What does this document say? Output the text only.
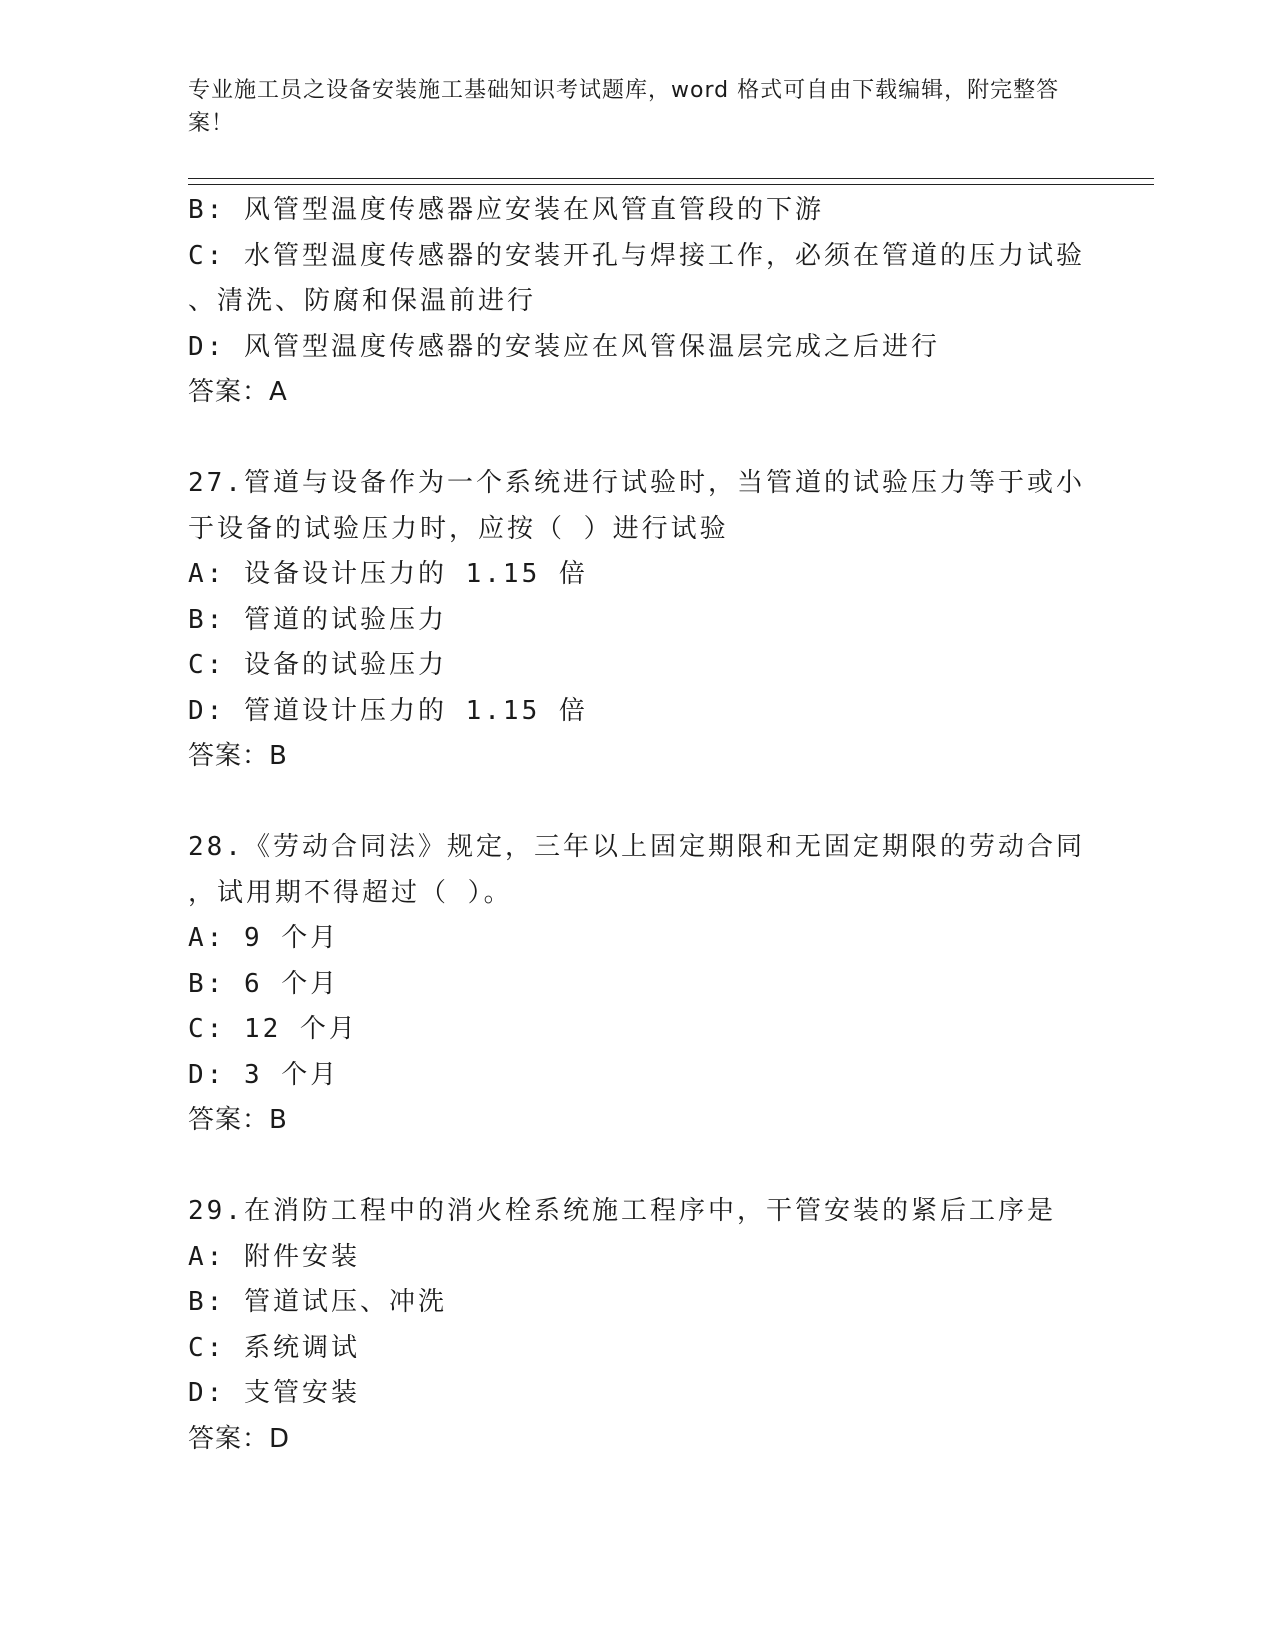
专业施工员之设备安装施工基础知识考试题库，word 格式可自由下载编辑，附完整答案！
B: 风管型温度传感器应安装在风管直管段的下游
C: 水管型温度传感器的安装开孔与焊接工作，必须在管道的压力试验
、清洗、防腐和保温前进行
D: 风管型温度传感器的安装应在风管保温层完成之后进行
答案：A
27.管道与设备作为一个系统进行试验时，当管道的试验压力等于或小
于设备的试验压力时，应按（ ）进行试验
A: 设备设计压力的 1.15 倍
B: 管道的试验压力
C: 设备的试验压力
D: 管道设计压力的 1.15 倍
答案：B
28.《劳动合同法》规定，三年以上固定期限和无固定期限的劳动合同
，试用期不得超过（ ）。
A: 9 个月
B: 6 个月
C: 12 个月
D: 3 个月
答案：B
29.在消防工程中的消火栓系统施工程序中，干管安装的紧后工序是
A: 附件安装
B: 管道试压、冲洗
C: 系统调试
D: 支管安装
答案：D
